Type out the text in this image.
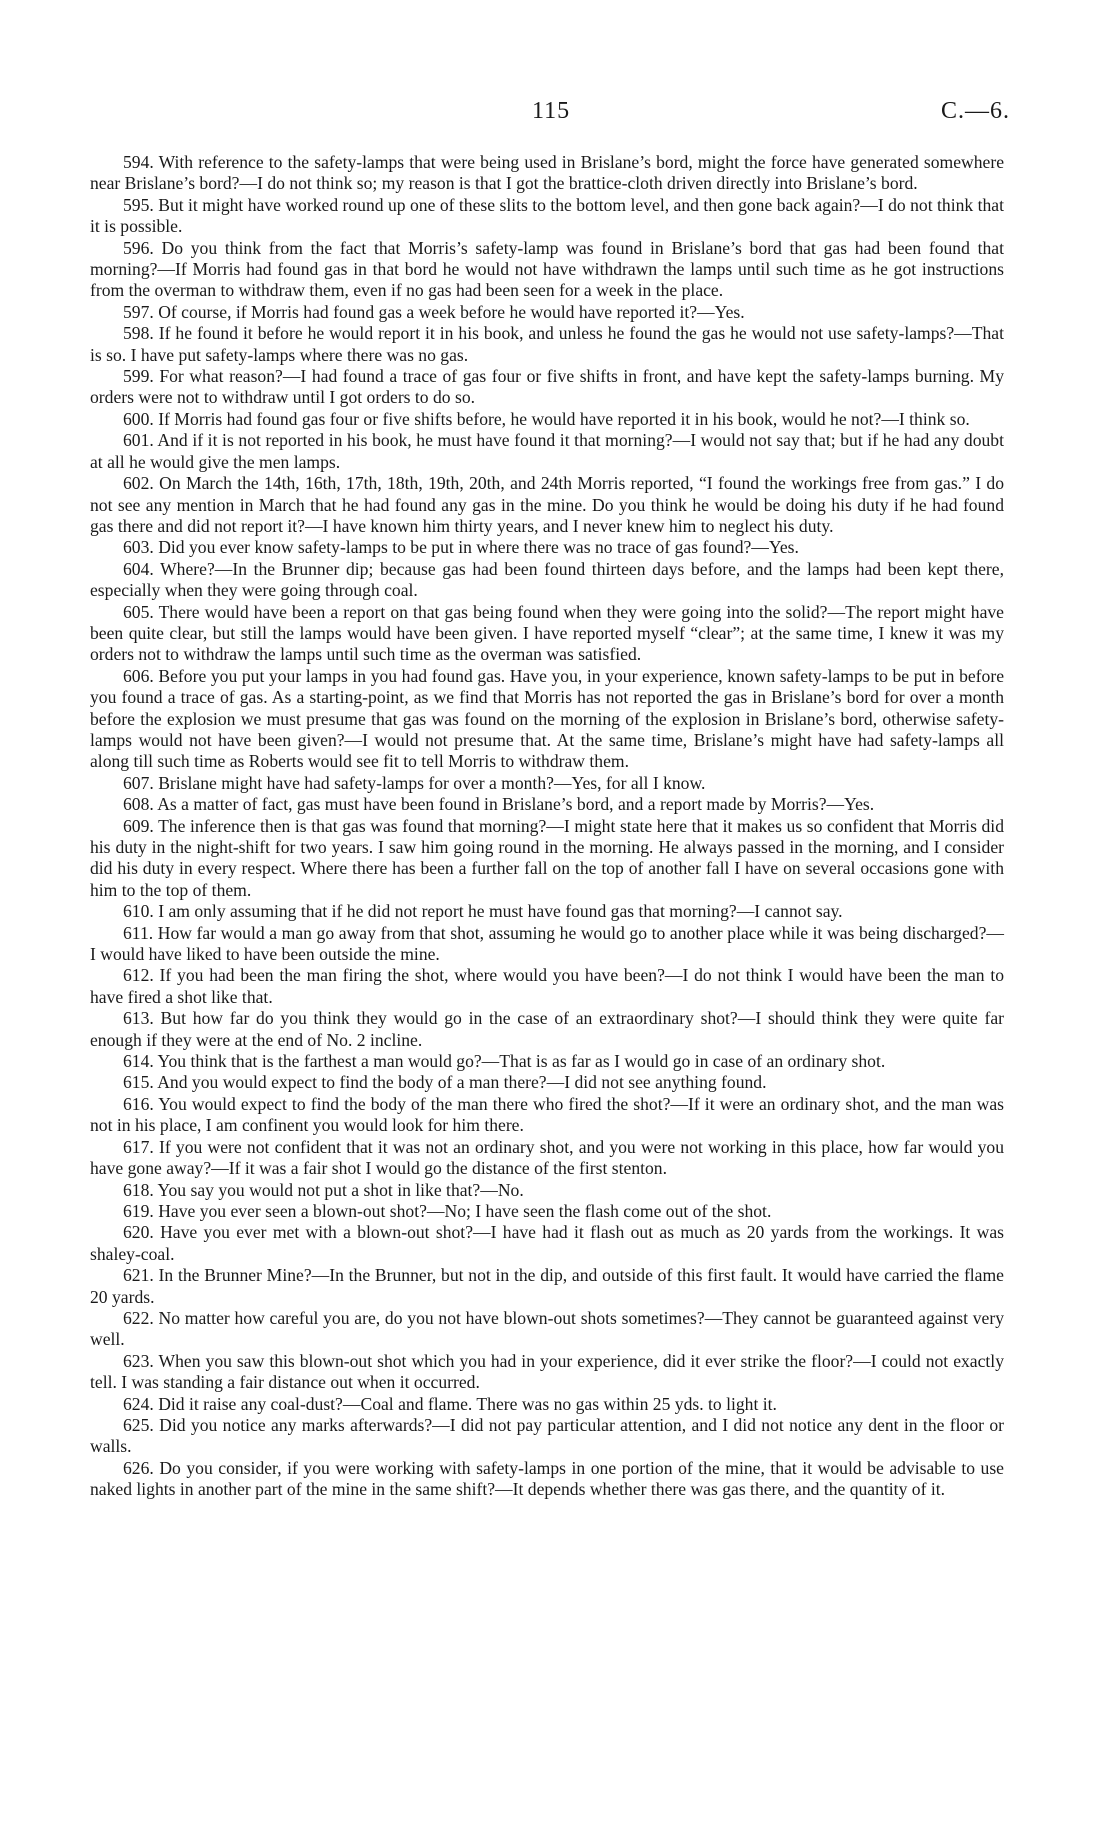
115	C.—6.

594. With reference to the safety-lamps that were being used in Brislane’s bord, might the force have generated somewhere near Brislane’s bord?—I do not think so; my reason is that I got the brattice-cloth driven directly into Brislane’s bord.

595. But it might have worked round up one of these slits to the bottom level, and then gone back again?—I do not think that it is possible.

596. Do you think from the fact that Morris’s safety-lamp was found in Brislane’s bord that gas had been found that morning?—If Morris had found gas in that bord he would not have withdrawn the lamps until such time as he got instructions from the overman to withdraw them, even if no gas had been seen for a week in the place.

597. Of course, if Morris had found gas a week before he would have reported it?—Yes.

598. If he found it before he would report it in his book, and unless he found the gas he would not use safety-lamps?—That is so. I have put safety-lamps where there was no gas.

599. For what reason?—I had found a trace of gas four or five shifts in front, and have kept the safety-lamps burning. My orders were not to withdraw until I got orders to do so.

600. If Morris had found gas four or five shifts before, he would have reported it in his book, would he not?—I think so.

601. And if it is not reported in his book, he must have found it that morning?—I would not say that; but if he had any doubt at all he would give the men lamps.

602. On March the 14th, 16th, 17th, 18th, 19th, 20th, and 24th Morris reported, “I found the workings free from gas.” I do not see any mention in March that he had found any gas in the mine. Do you think he would be doing his duty if he had found gas there and did not report it?—I have known him thirty years, and I never knew him to neglect his duty.

603. Did you ever know safety-lamps to be put in where there was no trace of gas found?—Yes.

604. Where?—In the Brunner dip; because gas had been found thirteen days before, and the lamps had been kept there, especially when they were going through coal.

605. There would have been a report on that gas being found when they were going into the solid?—The report might have been quite clear, but still the lamps would have been given. I have reported myself “clear”; at the same time, I knew it was my orders not to withdraw the lamps until such time as the overman was satisfied.

606. Before you put your lamps in you had found gas. Have you, in your experience, known safety-lamps to be put in before you found a trace of gas. As a starting-point, as we find that Morris has not reported the gas in Brislane’s bord for over a month before the explosion we must presume that gas was found on the morning of the explosion in Brislane’s bord, otherwise safety-lamps would not have been given?—I would not presume that. At the same time, Brislane’s might have had safety-lamps all along till such time as Roberts would see fit to tell Morris to withdraw them.

607. Brislane might have had safety-lamps for over a month?—Yes, for all I know.

608. As a matter of fact, gas must have been found in Brislane’s bord, and a report made by Morris?—Yes.

609. The inference then is that gas was found that morning?—I might state here that it makes us so confident that Morris did his duty in the night-shift for two years. I saw him going round in the morning. He always passed in the morning, and I consider did his duty in every respect. Where there has been a further fall on the top of another fall I have on several occasions gone with him to the top of them.

610. I am only assuming that if he did not report he must have found gas that morning?—I cannot say.

611. How far would a man go away from that shot, assuming he would go to another place while it was being discharged?—I would have liked to have been outside the mine.

612. If you had been the man firing the shot, where would you have been?—I do not think I would have been the man to have fired a shot like that.

613. But how far do you think they would go in the case of an extraordinary shot?—I should think they were quite far enough if they were at the end of No. 2 incline.

614. You think that is the farthest a man would go?—That is as far as I would go in case of an ordinary shot.

615. And you would expect to find the body of a man there?—I did not see anything found.

616. You would expect to find the body of the man there who fired the shot?—If it were an ordinary shot, and the man was not in his place, I am confinent you would look for him there.

617. If you were not confident that it was not an ordinary shot, and you were not working in this place, how far would you have gone away?—If it was a fair shot I would go the distance of the first stenton.

618. You say you would not put a shot in like that?—No.

619. Have you ever seen a blown-out shot?—No; I have seen the flash come out of the shot.

620. Have you ever met with a blown-out shot?—I have had it flash out as much as 20 yards from the workings. It was shaley-coal.

621. In the Brunner Mine?—In the Brunner, but not in the dip, and outside of this first fault. It would have carried the flame 20 yards.

622. No matter how careful you are, do you not have blown-out shots sometimes?—They cannot be guaranteed against very well.

623. When you saw this blown-out shot which you had in your experience, did it ever strike the floor?—I could not exactly tell. I was standing a fair distance out when it occurred.

624. Did it raise any coal-dust?—Coal and flame. There was no gas within 25 yds. to light it.

625. Did you notice any marks afterwards?—I did not pay particular attention, and I did not notice any dent in the floor or walls.

626. Do you consider, if you were working with safety-lamps in one portion of the mine, that it would be advisable to use naked lights in another part of the mine in the same shift?—It depends whether there was gas there, and the quantity of it.
